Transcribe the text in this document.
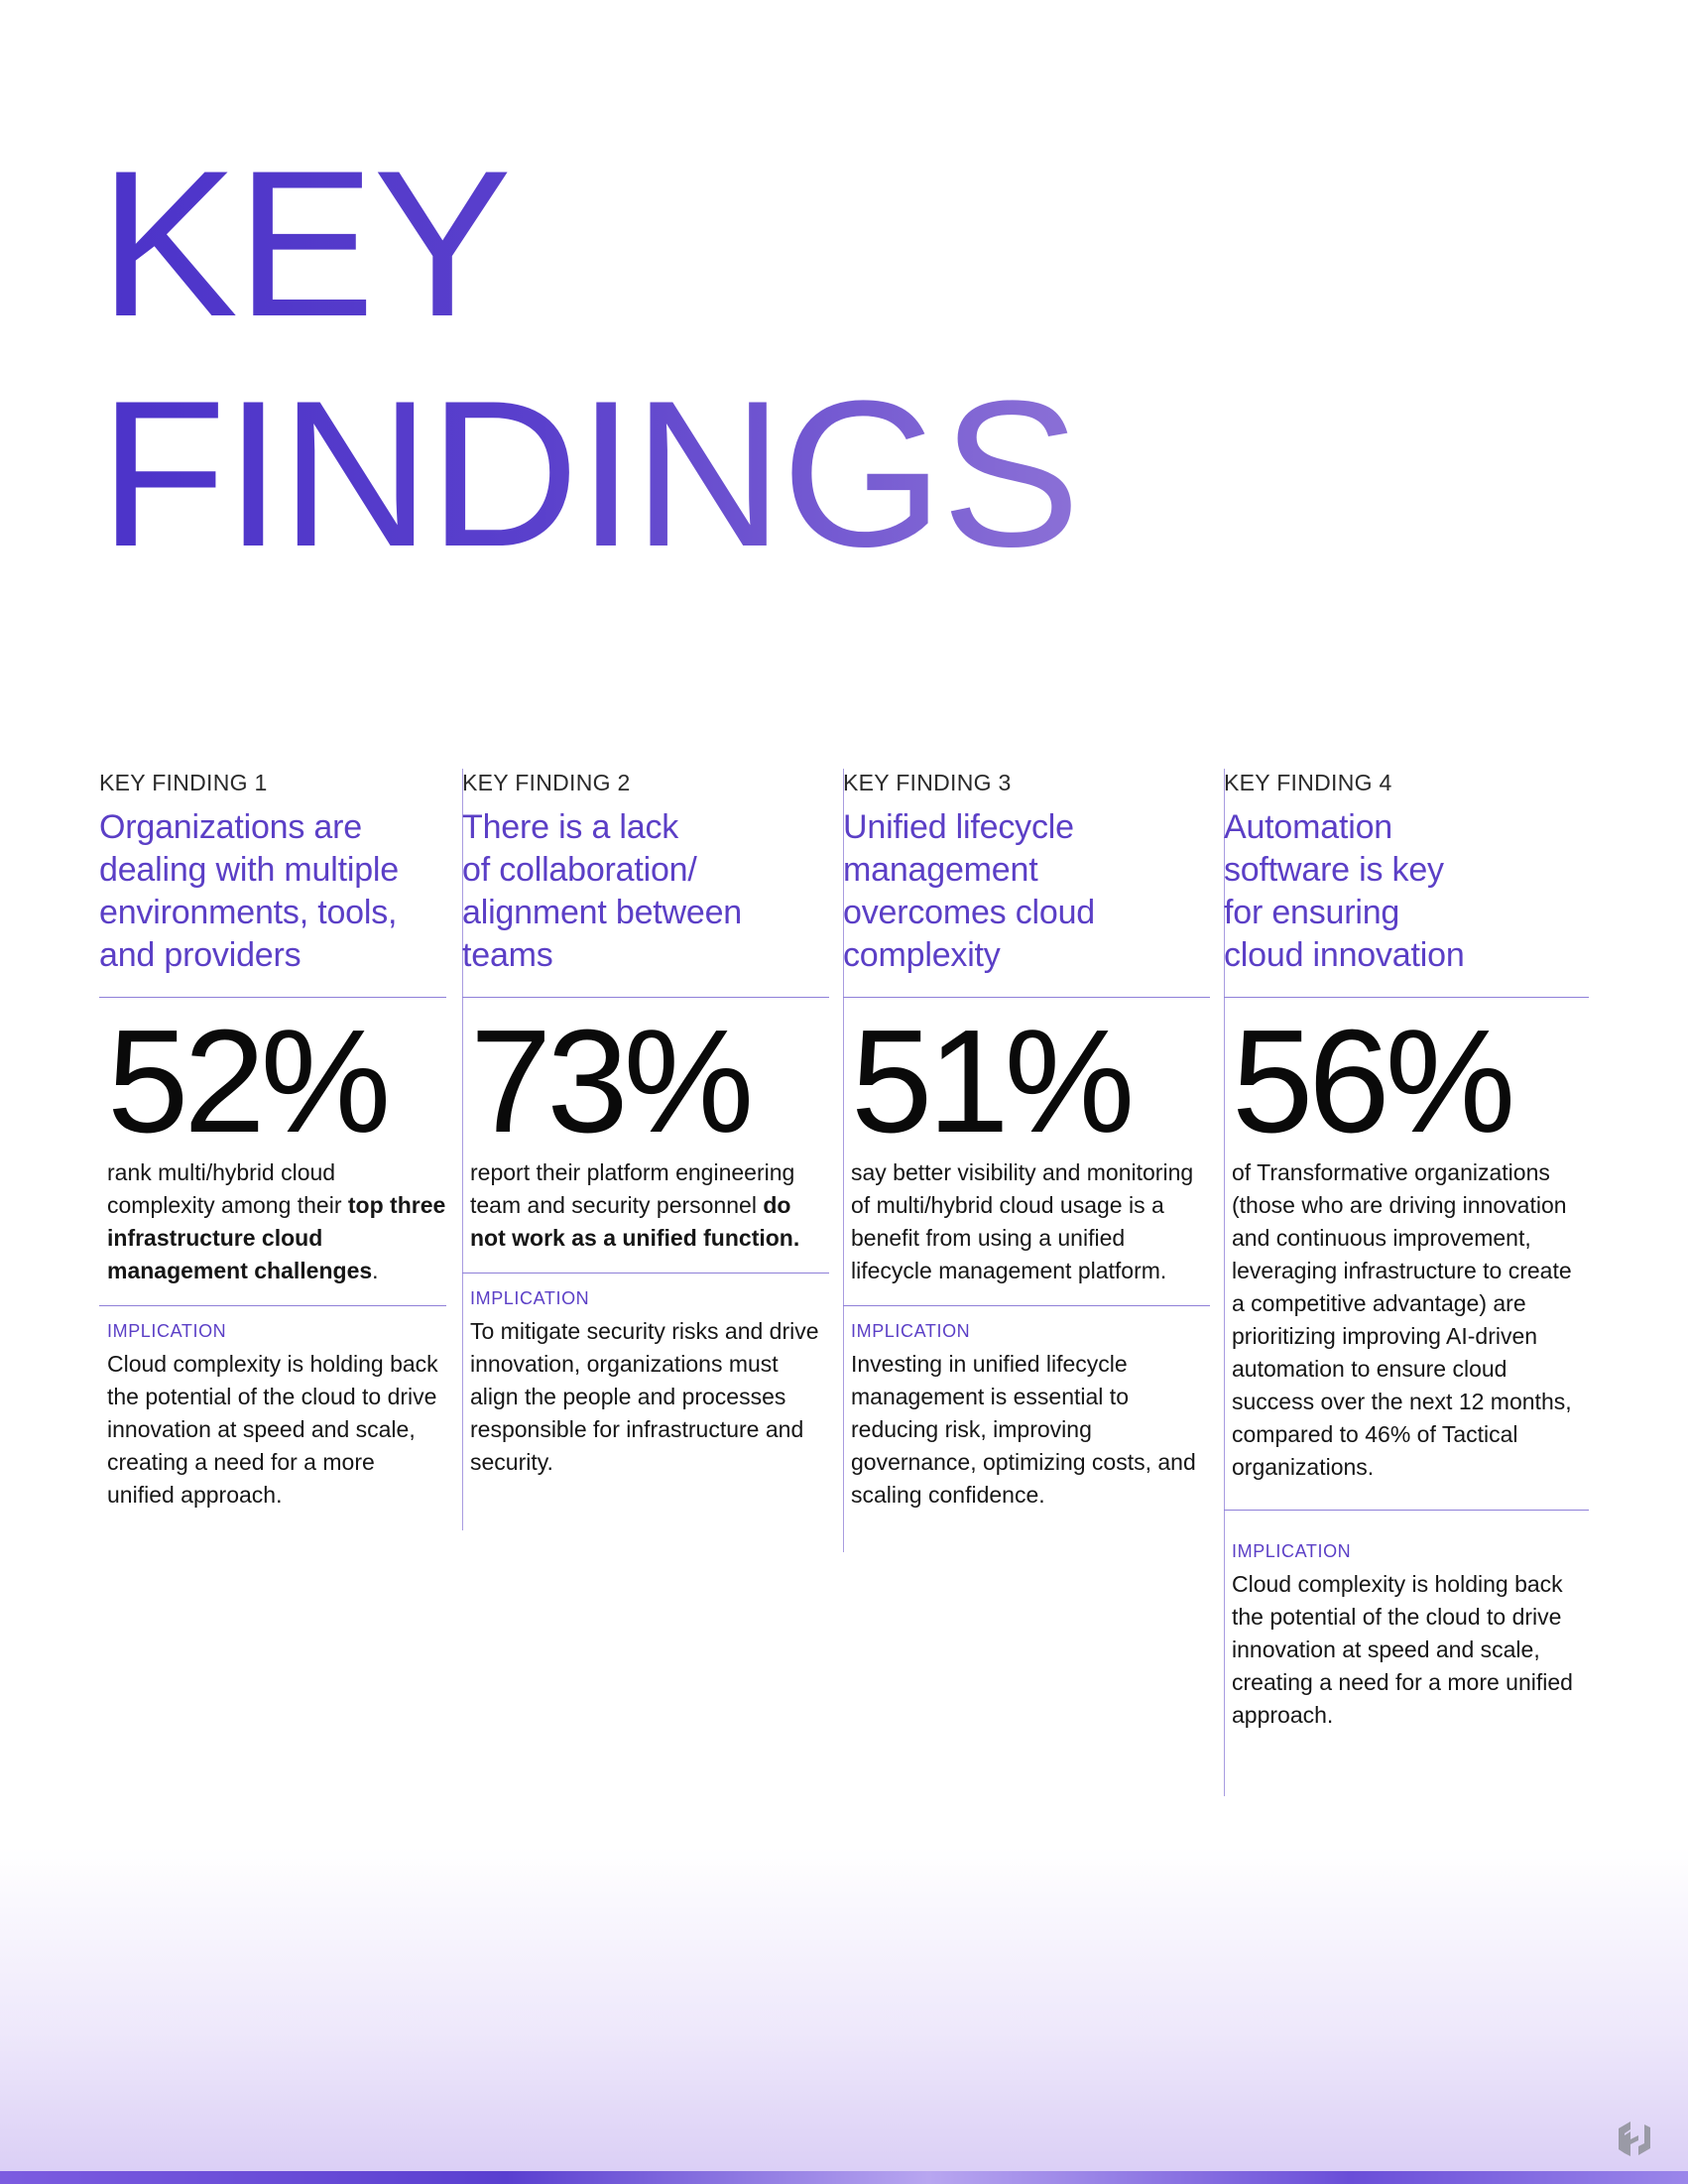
KEY
FINDINGS
KEY FINDING 1
Organizations are
dealing with multiple
environments, tools,
and providers
52%

rank multi/hybrid cloud complexity among their top three infrastructure cloud management challenges.

IMPLICATION

Cloud complexity is holding back the potential of the cloud to drive innovation at speed and scale, creating a need for a more unified approach.

KEY FINDING 2
There is a lack
of collaboration/
alignment between
teams
73%

report their platform engineering team and security personnel do not work as a unified function.

IMPLICATION

To mitigate security risks and drive innovation, organizations must align the people and processes responsible for infrastructure and security.

KEY FINDING 3
Unified lifecycle
management
overcomes cloud
complexity
51%

say better visibility and monitoring of multi/hybrid cloud usage is a benefit from using a unified lifecycle management platform.

IMPLICATION

Investing in unified lifecycle management is essential to reducing risk, improving governance, optimizing costs, and scaling confidence.

KEY FINDING 4
Automation
software is key
for ensuring
cloud innovation
56%

of Transformative organizations (those who are driving innovation and continuous improvement, leveraging infrastructure to create a competitive advantage) are prioritizing improving AI-driven automation to ensure cloud success over the next 12 months, compared to 46% of Tactical organizations.

IMPLICATION

Cloud complexity is holding back the potential of the cloud to drive innovation at speed and scale, creating a need for a more unified approach.
